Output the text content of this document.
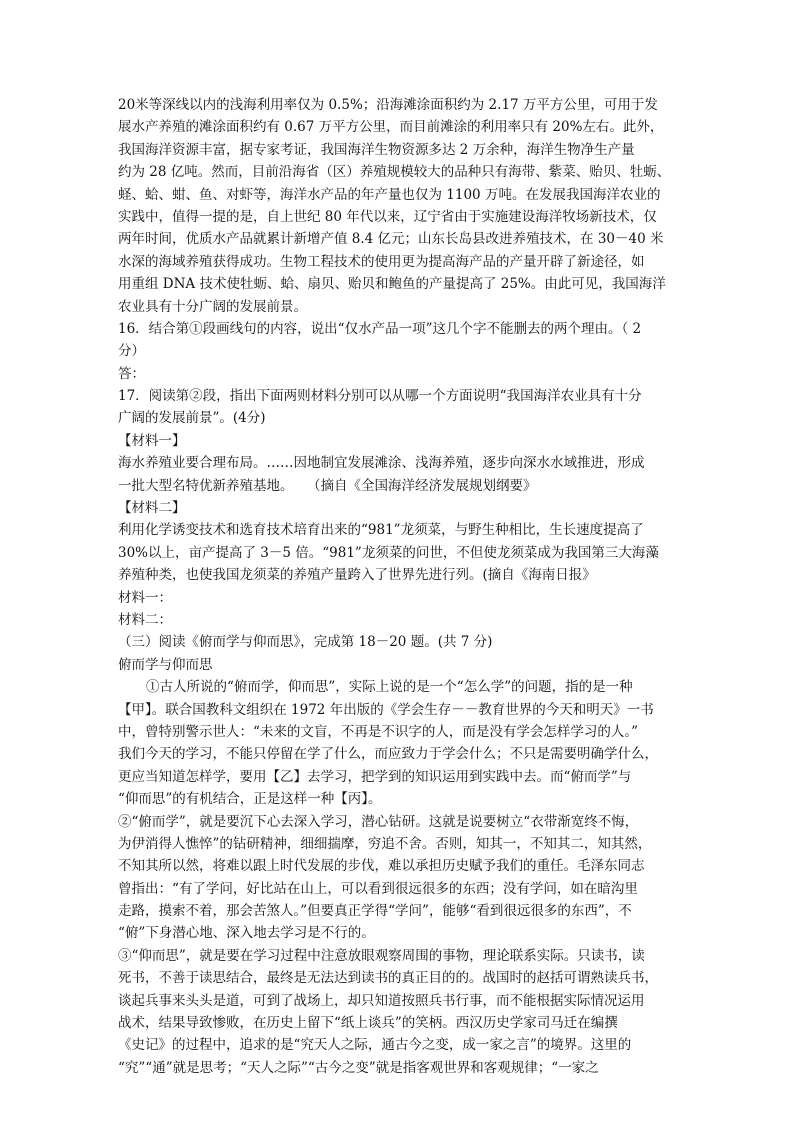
20米等深线以内的浅海利用率仅为 0.5%；沿海滩涂面积约为 2.17 万平方公里，可用于发
展水产养殖的滩涂面积约有 0.67 万平方公里，而目前滩涂的利用率只有 20%左右。此外，
我国海洋资源丰富，据专家考证，我国海洋生物资源多达 2 万余种，海洋生物净生产量
约为 28 亿吨。然而，目前沿海省（区）养殖规模较大的品种只有海带、紫菜、贻贝、牡蛎、
蛏、蛤、蚶、鱼、对虾等，海洋水产品的年产量也仅为 1100 万吨。在发展我国海洋农业的
实践中，值得一提的是，自上世纪 80 年代以来，辽宁省由于实施建设海洋牧场新技术，仅
两年时间，优质水产品就累计新增产值 8.4 亿元；山东长岛县改进养殖技术，在 30－40 米
水深的海域养殖获得成功。生物工程技术的使用更为提高海产品的产量开辟了新途径，如
用重组 DNA 技术使牡蛎、蛤、扇贝、贻贝和鲍鱼的产量提高了 25%。由此可见，我国海洋
农业具有十分广阔的发展前景。
16．结合第①段画线句的内容，说出“仅水产品一项”这几个字不能删去的两个理由。（ 2
分）
答：
17．阅读第②段，指出下面两则材料分别可以从哪一个方面说明“我国海洋农业具有十分
广阔的发展前景”。(4分)
【材料一】
海水养殖业要合理布局。……因地制宜发展滩涂、浅海养殖，逐步向深水水域推进，形成
一批大型名特优新养殖基地。　　（摘自《全国海洋经济发展规划纲要》
【材料二】
利用化学诱变技术和选育技术培育出来的“981”龙须菜，与野生种相比，生长速度提高了
30%以上，亩产提高了 3－5 倍。“981”龙须菜的问世，不但使龙须菜成为我国第三大海藻
养殖种类，也使我国龙须菜的养殖产量跨入了世界先进行列。(摘自《海南日报》
材料一：
材料二：
（三）阅读《俯而学与仰而思》，完成第 18－20 题。(共 7 分)
俯而学与仰而思
①古人所说的“俯而学，仰而思”，实际上说的是一个“怎么学”的问题，指的是一种
【甲】。联合国教科文组织在 1972 年出版的《学会生存－－教育世界的今天和明天》一书
中，曾特别警示世人：“未来的文盲，不再是不识字的人，而是没有学会怎样学习的人。”
我们今天的学习，不能只停留在学了什么，而应致力于学会什么；不只是需要明确学什么，
更应当知道怎样学，要用【乙】去学习，把学到的知识运用到实践中去。而“俯而学”与
“仰而思”的有机结合，正是这样一种【丙】。
②“俯而学”，就是要沉下心去深入学习，潜心钻研。这就是说要树立“衣带渐宽终不悔，
为伊消得人憔悴”的钻研精神，细细揣摩，穷追不舍。否则，知其一，不知其二，知其然，
不知其所以然，将难以跟上时代发展的步伐，难以承担历史赋予我们的重任。毛泽东同志
曾指出：“有了学问，好比站在山上，可以看到很远很多的东西；没有学问，如在暗沟里
走路，摸索不着，那会苦煞人。”但要真正学得“学问”，能够“看到很远很多的东西”，不
“俯”下身潜心地、深入地去学习是不行的。
③“仰而思”，就是要在学习过程中注意放眼观察周围的事物，理论联系实际。只读书，读
死书，不善于读思结合，最终是无法达到读书的真正目的的。战国时的赵括可谓熟读兵书，
谈起兵事来头头是道，可到了战场上，却只知道按照兵书行事，而不能根据实际情况运用
战术，结果导致惨败，在历史上留下“纸上谈兵”的笑柄。西汉历史学家司马迁在编撰
《史记》的过程中，追求的是“究天人之际，通古今之变，成一家之言”的境界。这里的
“究”“通”就是思考；“天人之际”“古今之变”就是指客观世界和客观规律；“一家之
